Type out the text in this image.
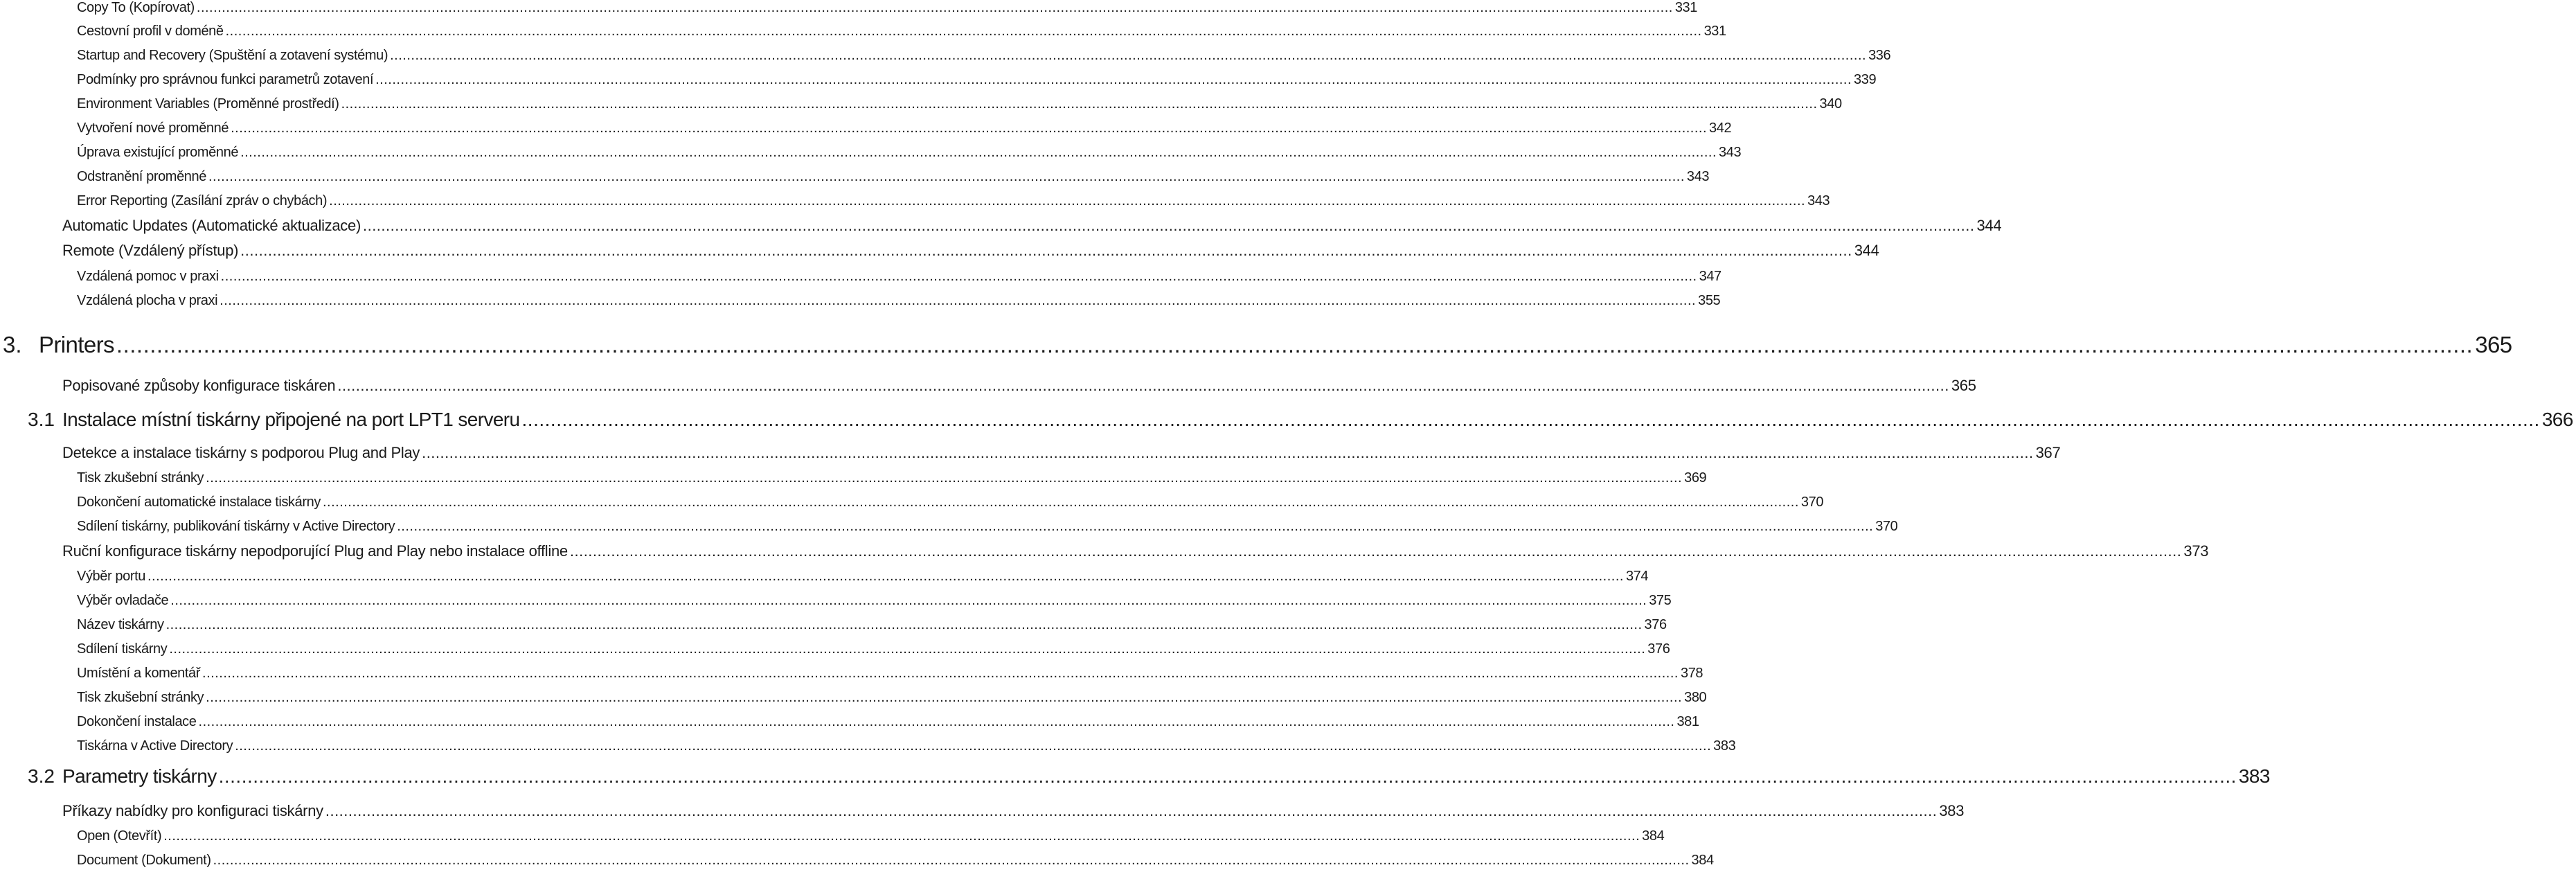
Copy To (Kopírovat) .....	331
Cestovní profil v doméně .....	331
Startup and Recovery (Spuštění a zotavení systému) .....	336
Podmínky pro správnou funkci parametrů zotavení .....	339
Environment Variables (Proměnné prostředí) .....	340
Vytvoření nové proměnné .....	342
Úprava existující proměnné .....	343
Odstranění proměnné .....	343
Error Reporting (Zasílání zpráv o chybách) .....	343
Automatic Updates (Automatické aktualizace) .....	344
Remote (Vzdálený přístup) .....	344
Vzdálená pomoc v praxi .....	347
Vzdálená plocha v praxi .....	355
3. Printers .....	365
Popisované způsoby konfigurace tiskáren .....	365
3.1 Instalace místní tiskárny připojené na port LPT1 serveru .....	366
Detekce a instalace tiskárny s podporou Plug and Play .....	367
Tisk zkušební stránky .....	369
Dokončení automatické instalace tiskárny .....	370
Sdílení tiskárny, publikování tiskárny v Active Directory .....	370
Ruční konfigurace tiskárny nepodporující Plug and Play nebo instalace offline .....	373
Výběr portu .....	374
Výběr ovladače .....	375
Název tiskárny .....	376
Sdílení tiskárny .....	376
Umístění a komentář .....	378
Tisk zkušební stránky .....	380
Dokončení instalace .....	381
Tiskárna v Active Directory .....	383
3.2 Parametry tiskárny .....	383
Příkazy nabídky pro konfiguraci tiskárny .....	383
Open (Otevřít) .....	384
Document (Dokument) .....	384
